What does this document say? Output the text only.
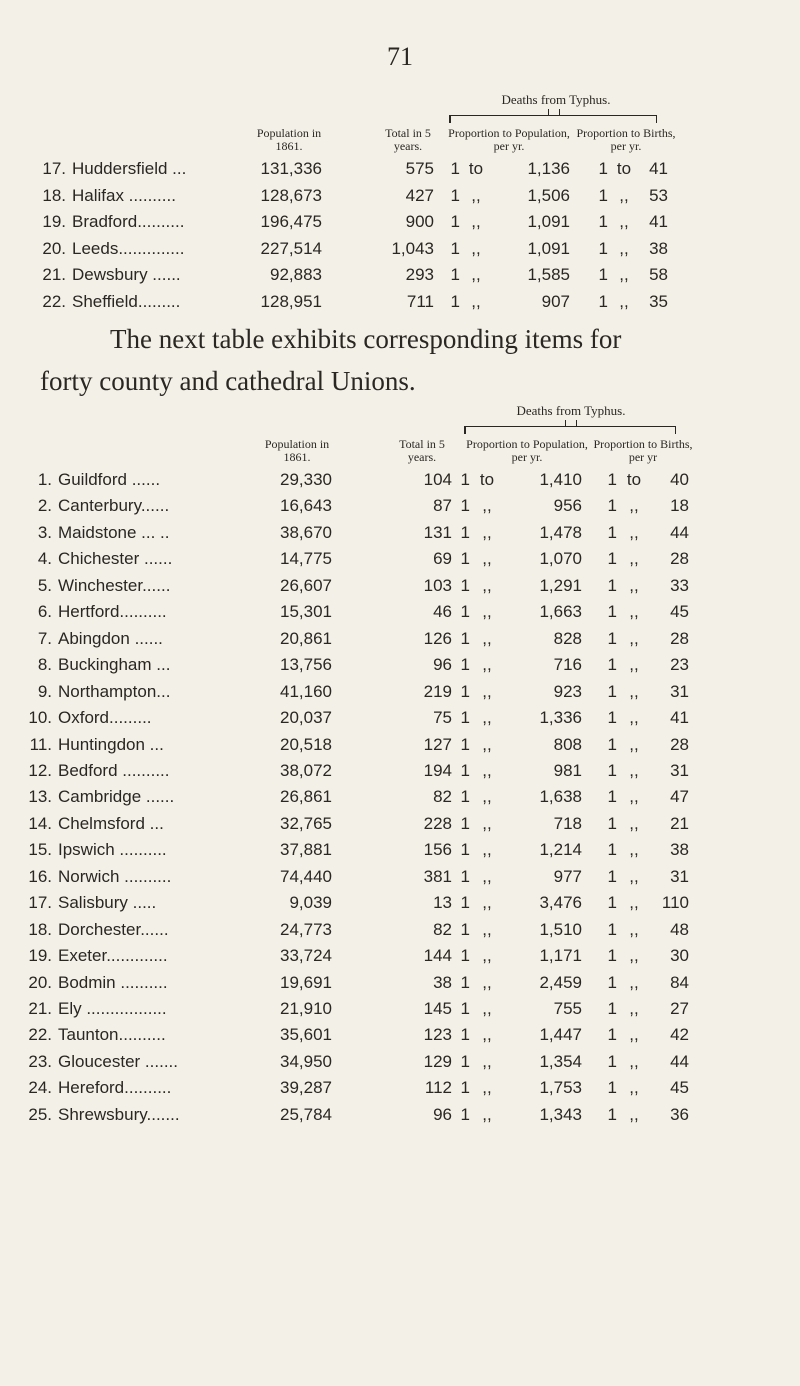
71
Deaths from Typhus.
Population in 1861.
Total in 5 years.
Proportion to Population, per yr.
Proportion to Births, per yr.
17. Huddersfield ...	131,336	575 1 to	1,136	1 to	41
18. Halifax ..........	128,673	427 1 ,,	1,506	1 ,,	53
19. Bradford..........	196,475	900 1 ,,	1,091	1 ,,	41
20. Leeds..............	227,514	1,043 1 ,,	1,091	1 ,,	38
21. Dewsbury ......	92,883	293 1 ,,	1,585	1 ,,	58
22. Sheffield.........	128,951	711 1 ,,	907	1 ,,	35

The next table exhibits corresponding items for

forty county and cathedral Unions.

Deaths from Typhus.
Population in 1861.
Total in 5 years.
Proportion to Population, per yr.
Proportion to Births, per yr
1. Guildford ......	29,330	104 1 to	1,410	1 to	40
2. Canterbury......	16,643	87 1 ,,	956	1 ,,	18
3. Maidstone ... ..	38,670	131 1 ,,	1,478	1 ,,	44
4. Chichester ......	14,775	69 1 ,,	1,070	1 ,,	28
5. Winchester......	26,607	103 1 ,,	1,291	1 ,,	33
6. Hertford..........	15,301	46 1 ,,	1,663	1 ,,	45
7. Abingdon ......	20,861	126 1 ,,	828	1 ,,	28
8. Buckingham ...	13,756	96 1 ,,	716	1 ,,	23
9. Northampton...	41,160	219 1 ,,	923	1 ,,	31
10. Oxford.........	20,037	75 1 ,,	1,336	1 ,,	41
11. Huntingdon ...	20,518	127 1 ,,	808	1 ,,	28
12. Bedford ..........	38,072	194 1 ,,	981	1 ,,	31
13. Cambridge ......	26,861	82 1 ,,	1,638	1 ,,	47
14. Chelmsford ...	32,765	228 1 ,,	718	1 ,,	21
15. Ipswich ..........	37,881	156 1 ,,	1,214	1 ,,	38
16. Norwich ..........	74,440	381 1 ,,	977	1 ,,	31
17. Salisbury .....	9,039	13 1 ,,	3,476	1 ,,	110
18. Dorchester......	24,773	82 1 ,,	1,510	1 ,,	48
19. Exeter.............	33,724	144 1 ,,	1,171	1 ,,	30
20. Bodmin ..........	19,691	38 1 ,,	2,459	1 ,,	84
21. Ely .................	21,910	145 1 ,,	755	1 ,,	27
22. Taunton..........	35,601	123 1 ,,	1,447	1 ,,	42
23. Gloucester .......	34,950	129 1 ,,	1,354	1 ,,	44
24. Hereford..........	39,287	112 1 ,,	1,753	1 ,,	45
25. Shrewsbury.......	25,784	96 1 ,,	1,343	1 ,,	36
